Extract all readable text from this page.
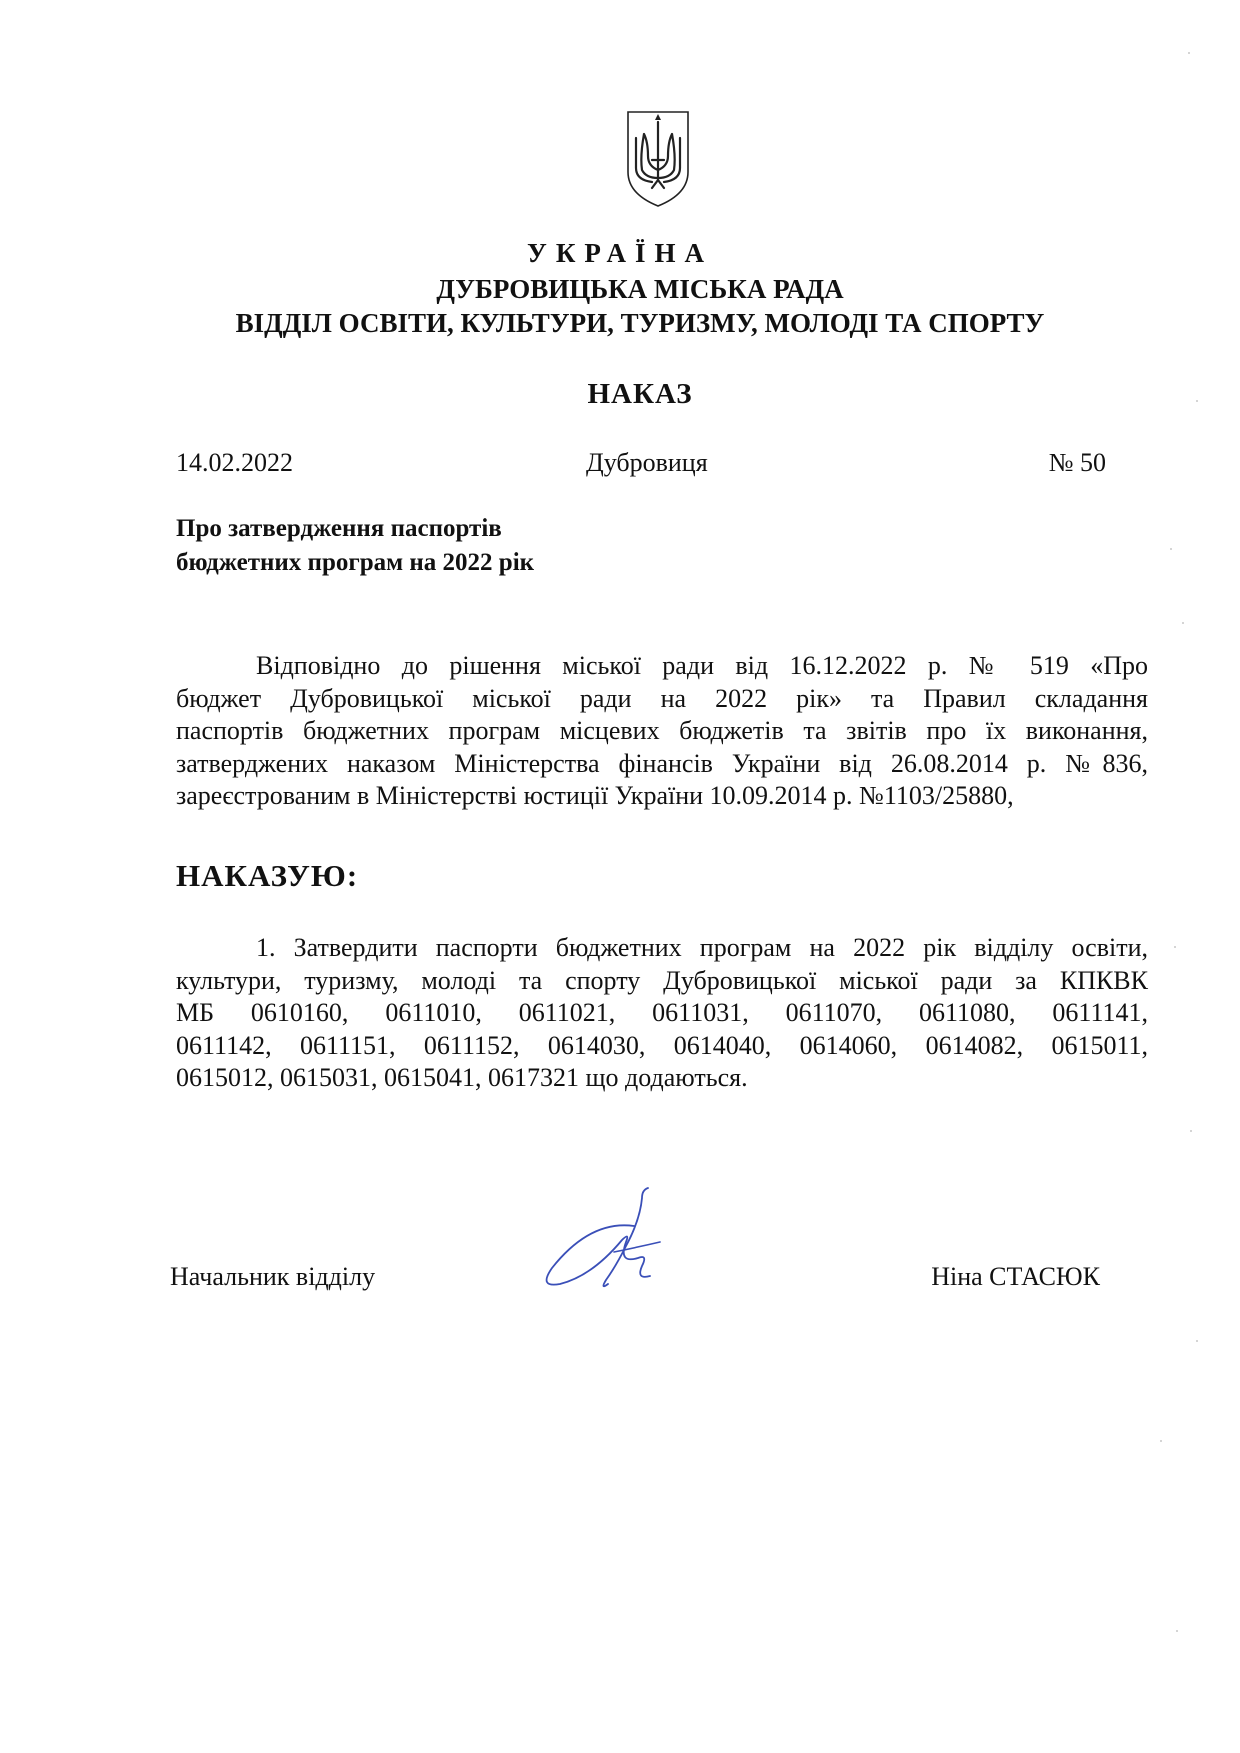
УКРАЇНА
ДУБРОВИЦЬКА МІСЬКА РАДА
ВІДДІЛ ОСВІТИ, КУЛЬТУРИ, ТУРИЗМУ, МОЛОДІ ТА СПОРТУ
НАКАЗ
14.02.2022	Дубровиця	№ 50
Про затвердження паспортів
бюджетних програм на 2022 рік
Відповідно до рішення міської ради від 16.12.2022 р. № 519 «Про
бюджет Дубровицької міської ради на 2022 рік» та Правил складання
паспортів бюджетних програм місцевих бюджетів та звітів про їх виконання,
затверджених наказом Міністерства фінансів України від 26.08.2014 р. №836,
зареєстрованим в Міністерстві юстиції України 10.09.2014 р. №1103/25880,
НАКАЗУЮ:
1. Затвердити паспорти бюджетних програм на 2022 рік відділу освіти,
культури, туризму, молоді та спорту Дубровицької міської ради за КПКВК
МБ 0610160, 0611010, 0611021, 0611031, 0611070, 0611080, 0611141,
0611142, 0611151, 0611152, 0614030, 0614040, 0614060, 0614082, 0615011,
0615012, 0615031, 0615041, 0617321 що додаються.
Начальник відділу	Ніна СТАСЮК
